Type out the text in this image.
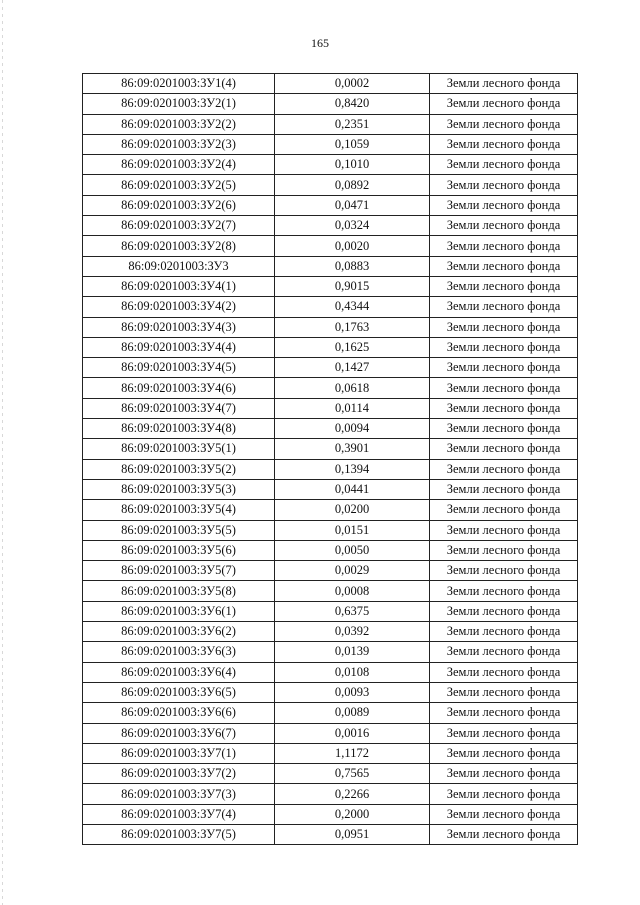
165
86:09:0201003:ЗУ1(4)	0,0002	Земли лесного фонда
86:09:0201003:ЗУ2(1)	0,8420	Земли лесного фонда
86:09:0201003:ЗУ2(2)	0,2351	Земли лесного фонда
86:09:0201003:ЗУ2(3)	0,1059	Земли лесного фонда
86:09:0201003:ЗУ2(4)	0,1010	Земли лесного фонда
86:09:0201003:ЗУ2(5)	0,0892	Земли лесного фонда
86:09:0201003:ЗУ2(6)	0,0471	Земли лесного фонда
86:09:0201003:ЗУ2(7)	0,0324	Земли лесного фонда
86:09:0201003:ЗУ2(8)	0,0020	Земли лесного фонда
86:09:0201003:ЗУ3	0,0883	Земли лесного фонда
86:09:0201003:ЗУ4(1)	0,9015	Земли лесного фонда
86:09:0201003:ЗУ4(2)	0,4344	Земли лесного фонда
86:09:0201003:ЗУ4(3)	0,1763	Земли лесного фонда
86:09:0201003:ЗУ4(4)	0,1625	Земли лесного фонда
86:09:0201003:ЗУ4(5)	0,1427	Земли лесного фонда
86:09:0201003:ЗУ4(6)	0,0618	Земли лесного фонда
86:09:0201003:ЗУ4(7)	0,0114	Земли лесного фонда
86:09:0201003:ЗУ4(8)	0,0094	Земли лесного фонда
86:09:0201003:ЗУ5(1)	0,3901	Земли лесного фонда
86:09:0201003:ЗУ5(2)	0,1394	Земли лесного фонда
86:09:0201003:ЗУ5(3)	0,0441	Земли лесного фонда
86:09:0201003:ЗУ5(4)	0,0200	Земли лесного фонда
86:09:0201003:ЗУ5(5)	0,0151	Земли лесного фонда
86:09:0201003:ЗУ5(6)	0,0050	Земли лесного фонда
86:09:0201003:ЗУ5(7)	0,0029	Земли лесного фонда
86:09:0201003:ЗУ5(8)	0,0008	Земли лесного фонда
86:09:0201003:ЗУ6(1)	0,6375	Земли лесного фонда
86:09:0201003:ЗУ6(2)	0,0392	Земли лесного фонда
86:09:0201003:ЗУ6(3)	0,0139	Земли лесного фонда
86:09:0201003:ЗУ6(4)	0,0108	Земли лесного фонда
86:09:0201003:ЗУ6(5)	0,0093	Земли лесного фонда
86:09:0201003:ЗУ6(6)	0,0089	Земли лесного фонда
86:09:0201003:ЗУ6(7)	0,0016	Земли лесного фонда
86:09:0201003:ЗУ7(1)	1,1172	Земли лесного фонда
86:09:0201003:ЗУ7(2)	0,7565	Земли лесного фонда
86:09:0201003:ЗУ7(3)	0,2266	Земли лесного фонда
86:09:0201003:ЗУ7(4)	0,2000	Земли лесного фонда
86:09:0201003:ЗУ7(5)	0,0951	Земли лесного фонда
